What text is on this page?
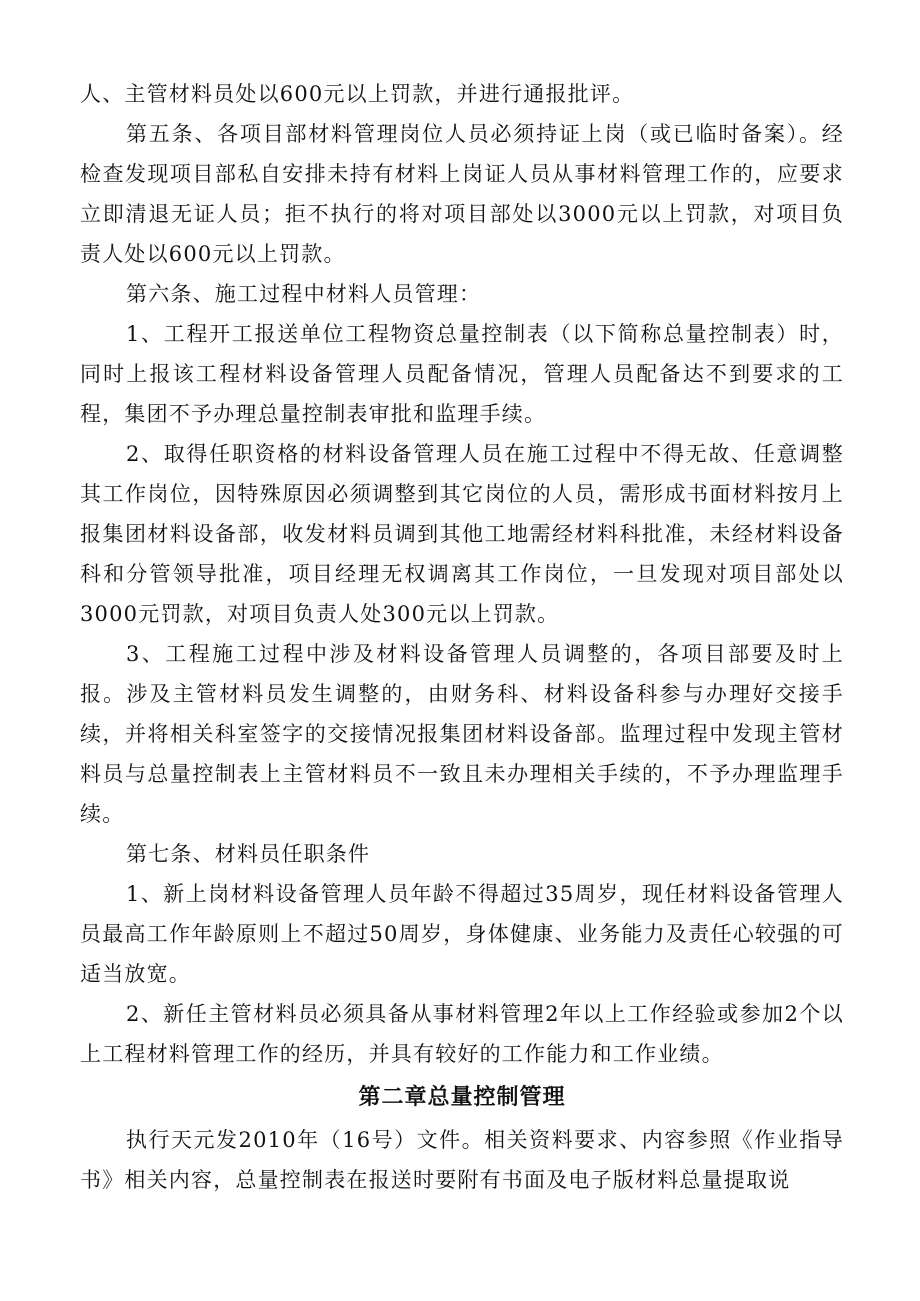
人、主管材料员处以600元以上罚款，并进行通报批评。

第五条、各项目部材料管理岗位人员必须持证上岗（或已临时备案）。经检查发现项目部私自安排未持有材料上岗证人员从事材料管理工作的，应要求立即清退无证人员；拒不执行的将对项目部处以3000元以上罚款，对项目负责人处以600元以上罚款。

第六条、施工过程中材料人员管理：

1、工程开工报送单位工程物资总量控制表（以下简称总量控制表）时，同时上报该工程材料设备管理人员配备情况，管理人员配备达不到要求的工程，集团不予办理总量控制表审批和监理手续。

2、取得任职资格的材料设备管理人员在施工过程中不得无故、任意调整其工作岗位，因特殊原因必须调整到其它岗位的人员，需形成书面材料按月上报集团材料设备部，收发材料员调到其他工地需经材料科批准，未经材料设备科和分管领导批准，项目经理无权调离其工作岗位，一旦发现对项目部处以3000元罚款，对项目负责人处300元以上罚款。

3、工程施工过程中涉及材料设备管理人员调整的，各项目部要及时上报。涉及主管材料员发生调整的，由财务科、材料设备科参与办理好交接手续，并将相关科室签字的交接情况报集团材料设备部。监理过程中发现主管材料员与总量控制表上主管材料员不一致且未办理相关手续的，不予办理监理手续。

第七条、材料员任职条件

1、新上岗材料设备管理人员年龄不得超过35周岁，现任材料设备管理人员最高工作年龄原则上不超过50周岁，身体健康、业务能力及责任心较强的可适当放宽。

2、新任主管材料员必须具备从事材料管理2年以上工作经验或参加2个以上工程材料管理工作的经历，并具有较好的工作能力和工作业绩。

第二章总量控制管理

执行天元发2010年（16号）文件。相关资料要求、内容参照《作业指导书》相关内容，总量控制表在报送时要附有书面及电子版材料总量提取说
